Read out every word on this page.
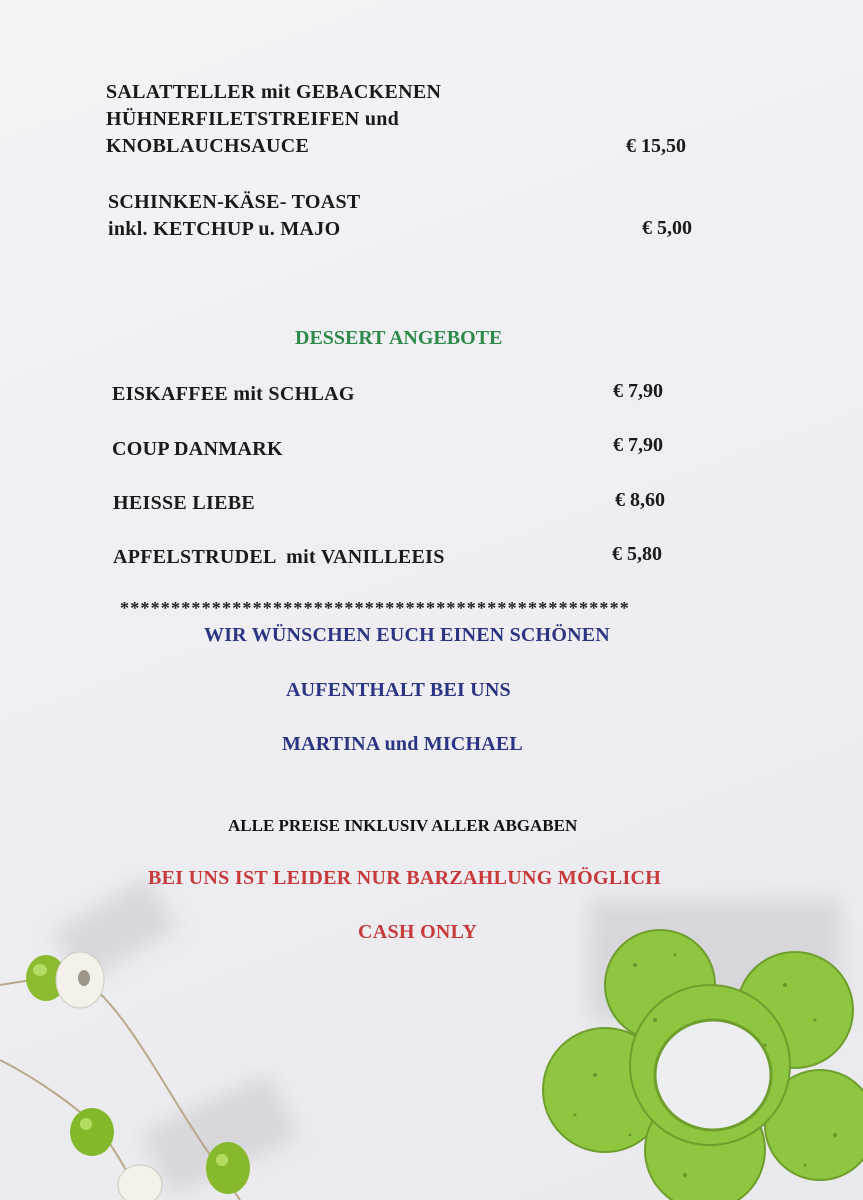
SALATTELLER mit GEBACKENEN
HÜHNERFILETSTREIFEN und
KNOBLAUCHSAUCE	€ 15,50
SCHINKEN-KÄSE- TOAST
inkl. KETCHUP u. MAJO	€ 5,00
DESSERT ANGEBOTE
EISKAFFEE mit SCHLAG	€ 7,90
COUP DANMARK	€ 7,90
HEISSE LIEBE	€ 8,60
APFELSTRUDEL  mit VANILLEEIS	€ 5,80
**************************************************
WIR WÜNSCHEN EUCH EINEN SCHÖNEN
AUFENTHALT BEI UNS
MARTINA und MICHAEL
ALLE PREISE INKLUSIV ALLER ABGABEN
BEI UNS IST LEIDER NUR BARZAHLUNG MÖGLICH
CASH ONLY
